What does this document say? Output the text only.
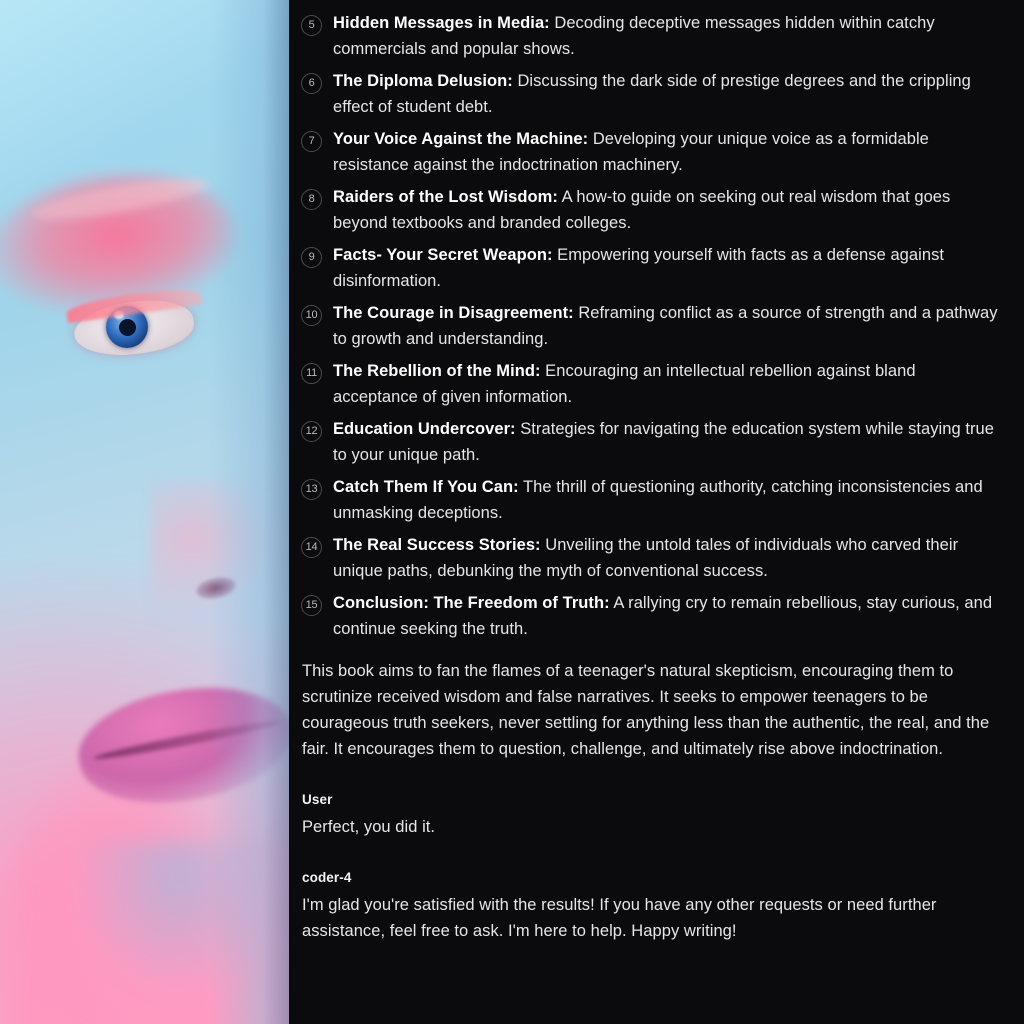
5	Hidden Messages in Media: Decoding deceptive messages hidden within catchy commercials and popular shows.
6	The Diploma Delusion: Discussing the dark side of prestige degrees and the crippling effect of student debt.
7	Your Voice Against the Machine: Developing your unique voice as a formidable resistance against the indoctrination machinery.
8	Raiders of the Lost Wisdom: A how-to guide on seeking out real wisdom that goes beyond textbooks and branded colleges.
9	Facts- Your Secret Weapon: Empowering yourself with facts as a defense against disinformation.
10 The Courage in Disagreement: Reframing conflict as a source of strength and a pathway to growth and understanding.
11 The Rebellion of the Mind: Encouraging an intellectual rebellion against bland acceptance of given information.
12 Education Undercover: Strategies for navigating the education system while staying true to your unique path.
13 Catch Them If You Can: The thrill of questioning authority, catching inconsistencies and unmasking deceptions.
14 The Real Success Stories: Unveiling the untold tales of individuals who carved their unique paths, debunking the myth of conventional success.
15 Conclusion: The Freedom of Truth: A rallying cry to remain rebellious, stay curious, and continue seeking the truth.

This book aims to fan the flames of a teenager's natural skepticism, encouraging them to scrutinize received wisdom and false narratives. It seeks to empower teenagers to be courageous truth seekers, never settling for anything less than the authentic, the real, and the fair. It encourages them to question, challenge, and ultimately rise above indoctrination.

User
Perfect, you did it.
coder-4
I'm glad you're satisfied with the results! If you have any other requests or need further assistance, feel free to ask. I'm here to help. Happy writing!
